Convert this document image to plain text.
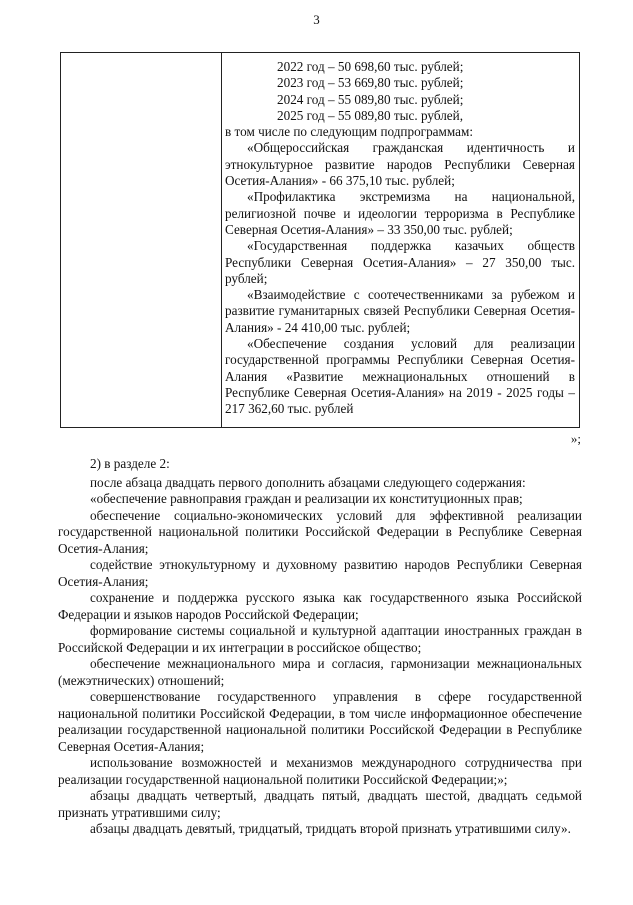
3
2022 год – 50 698,60 тыс. рублей;
2023 год – 53 669,80 тыс. рублей;
2024 год – 55 089,80 тыс. рублей;
2025 год – 55 089,80 тыс. рублей,
в том числе по следующим подпрограммам:
«Общероссийская гражданская идентичность и этнокультурное развитие народов Республики Северная Осетия-Алания» - 66 375,10 тыс. рублей;
«Профилактика экстремизма на национальной, религиозной почве и идеологии терроризма в Республике Северная Осетия-Алания» – 33 350,00 тыс. рублей;
«Государственная поддержка казачьих обществ Республики Северная Осетия-Алания» – 27 350,00 тыс. рублей;
«Взаимодействие с соотечественниками за рубежом и развитие гуманитарных связей Республики Северная Осетия-Алания» - 24 410,00 тыс. рублей;
«Обеспечение создания условий для реализации государственной программы Республики Северная Осетия-Алания «Развитие межнациональных отношений в Республике Северная Осетия-Алания» на 2019 - 2025 годы – 217 362,60 тыс. рублей
»;

2) в разделе 2:

после абзаца двадцать первого дополнить абзацами следующего содержания:

«обеспечение равноправия граждан и реализации их конституционных прав;

обеспечение социально-экономических условий для эффективной реализации государственной национальной политики Российской Федерации в Республике Северная Осетия-Алания;

содействие этнокультурному и духовному развитию народов Республики Северная Осетия-Алания;

сохранение и поддержка русского языка как государственного языка Российской Федерации и языков народов Российской Федерации;

формирование системы социальной и культурной адаптации иностранных граждан в Российской Федерации и их интеграции в российское общество;

обеспечение межнационального мира и согласия, гармонизации межнациональных (межэтнических) отношений;

совершенствование государственного управления в сфере государственной национальной политики Российской Федерации, в том числе информационное обеспечение реализации государственной национальной политики Российской Федерации в Республике Северная Осетия-Алания;

использование возможностей и механизмов международного сотрудничества при реализации государственной национальной политики Российской Федерации;»;

абзацы двадцать четвертый, двадцать пятый, двадцать шестой, двадцать седьмой признать утратившими силу;

абзацы двадцать девятый, тридцатый, тридцать второй признать утратившими силу».
